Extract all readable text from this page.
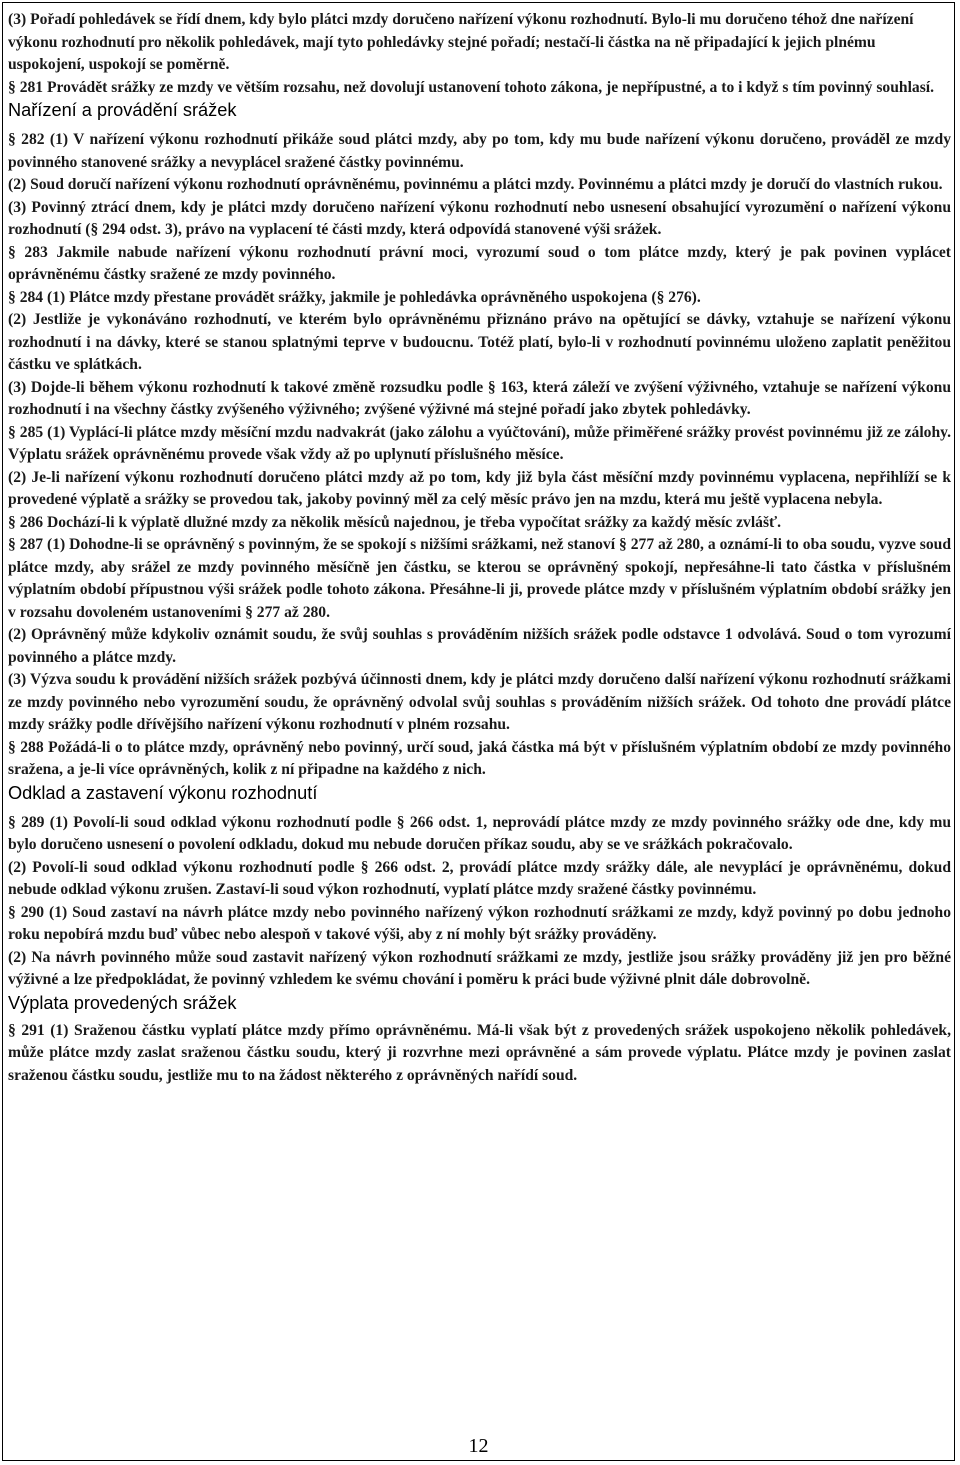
(3) Pořadí pohledávek se řídí dnem, kdy bylo plátci mzdy doručeno nařízení výkonu rozhodnutí. Bylo-li mu doručeno téhož dne nařízení výkonu rozhodnutí pro několik pohledávek, mají tyto pohledávky stejné pořadí; nestačí-li částka na ně připadající k jejich plnému uspokojení, uspokojí se poměrně.

§ 281 Provádět srážky ze mzdy ve větším rozsahu, než dovolují ustanovení tohoto zákona, je nepřípustné, a to i když s tím povinný souhlasí.

Nařízení a provádění srážek

§ 282 (1) V nařízení výkonu rozhodnutí přikáže soud plátci mzdy, aby po tom, kdy mu bude nařízení výkonu doručeno, prováděl ze mzdy povinného stanovené srážky a nevyplácel sražené částky povinnému.

(2) Soud doručí nařízení výkonu rozhodnutí oprávněnému, povinnému a plátci mzdy. Povinnému a plátci mzdy je doručí do vlastních rukou.

(3) Povinný ztrácí dnem, kdy je plátci mzdy doručeno nařízení výkonu rozhodnutí nebo usnesení obsahující vyrozumění o nařízení výkonu rozhodnutí (§ 294 odst. 3), právo na vyplacení té části mzdy, která odpovídá stanovené výši srážek.

§ 283 Jakmile nabude nařízení výkonu rozhodnutí právní moci, vyrozumí soud o tom plátce mzdy, který je pak povinen vyplácet oprávněnému částky sražené ze mzdy povinného.

§ 284 (1) Plátce mzdy přestane provádět srážky, jakmile je pohledávka oprávněného uspokojena (§ 276).

(2) Jestliže je vykonáváno rozhodnutí, ve kterém bylo oprávněnému přiznáno právo na opětující se dávky, vztahuje se nařízení výkonu rozhodnutí i na dávky, které se stanou splatnými teprve v budoucnu. Totéž platí, bylo-li v rozhodnutí povinnému uloženo zaplatit peněžitou částku ve splátkách.

(3) Dojde-li během výkonu rozhodnutí k takové změně rozsudku podle § 163, která záleží ve zvýšení výživného, vztahuje se nařízení výkonu rozhodnutí i na všechny částky zvýšeného výživného; zvýšené výživné má stejné pořadí jako zbytek pohledávky.

§ 285 (1) Vyplácí-li plátce mzdy měsíční mzdu nadvakrát (jako zálohu a vyúčtování), může přiměřené srážky provést povinnému již ze zálohy. Výplatu srážek oprávněnému provede však vždy až po uplynutí příslušného měsíce.

(2) Je-li nařízení výkonu rozhodnutí doručeno plátci mzdy až po tom, kdy již byla část měsíční mzdy povinnému vyplacena, nepřihlíží se k provedené výplatě a srážky se provedou tak, jakoby povinný měl za celý měsíc právo jen na mzdu, která mu ještě vyplacena nebyla.

§ 286 Dochází-li k výplatě dlužné mzdy za několik měsíců najednou, je třeba vypočítat srážky za každý měsíc zvlášť.

§ 287 (1) Dohodne-li se oprávněný s povinným, že se spokojí s nižšími srážkami, než stanoví § 277 až 280, a oznámí-li to oba soudu, vyzve soud plátce mzdy, aby srážel ze mzdy povinného měsíčně jen částku, se kterou se oprávněný spokojí, nepřesáhne-li tato částka v příslušném výplatním období přípustnou výši srážek podle tohoto zákona. Přesáhne-li ji, provede plátce mzdy v příslušném výplatním období srážky jen v rozsahu dovoleném ustanoveními § 277 až 280.

(2) Oprávněný může kdykoliv oznámit soudu, že svůj souhlas s prováděním nižších srážek podle odstavce 1 odvolává. Soud o tom vyrozumí povinného a plátce mzdy.

(3) Výzva soudu k provádění nižších srážek pozbývá účinnosti dnem, kdy je plátci mzdy doručeno další nařízení výkonu rozhodnutí srážkami ze mzdy povinného nebo vyrozumění soudu, že oprávněný odvolal svůj souhlas s prováděním nižších srážek. Od tohoto dne provádí plátce mzdy srážky podle dřívějšího nařízení výkonu rozhodnutí v plném rozsahu.

§ 288 Požádá-li o to plátce mzdy, oprávněný nebo povinný, určí soud, jaká částka má být v příslušném výplatním období ze mzdy povinného sražena, a je-li více oprávněných, kolik z ní připadne na každého z nich.

Odklad a zastavení výkonu rozhodnutí

§ 289 (1) Povolí-li soud odklad výkonu rozhodnutí podle § 266 odst. 1, neprovádí plátce mzdy ze mzdy povinného srážky ode dne, kdy mu bylo doručeno usnesení o povolení odkladu, dokud mu nebude doručen příkaz soudu, aby se ve srážkách pokračovalo.

(2) Povolí-li soud odklad výkonu rozhodnutí podle § 266 odst. 2, provádí plátce mzdy srážky dále, ale nevyplácí je oprávněnému, dokud nebude odklad výkonu zrušen. Zastaví-li soud výkon rozhodnutí, vyplatí plátce mzdy sražené částky povinnému.

§ 290 (1) Soud zastaví na návrh plátce mzdy nebo povinného nařízený výkon rozhodnutí srážkami ze mzdy, když povinný po dobu jednoho roku nepobírá mzdu buď vůbec nebo alespoň v takové výši, aby z ní mohly být srážky prováděny.

(2) Na návrh povinného může soud zastavit nařízený výkon rozhodnutí srážkami ze mzdy, jestliže jsou srážky prováděny již jen pro běžné výživné a lze předpokládat, že povinný vzhledem ke svému chování i poměru k práci bude výživné plnit dále dobrovolně.

Výplata provedených srážek

§ 291 (1) Sraženou částku vyplatí plátce mzdy přímo oprávněnému. Má-li však být z provedených srážek uspokojeno několik pohledávek, může plátce mzdy zaslat sraženou částku soudu, který ji rozvrhne mezi oprávněné a sám provede výplatu. Plátce mzdy je povinen zaslat sraženou částku soudu, jestliže mu to na žádost některého z oprávněných nařídí soud.

12
